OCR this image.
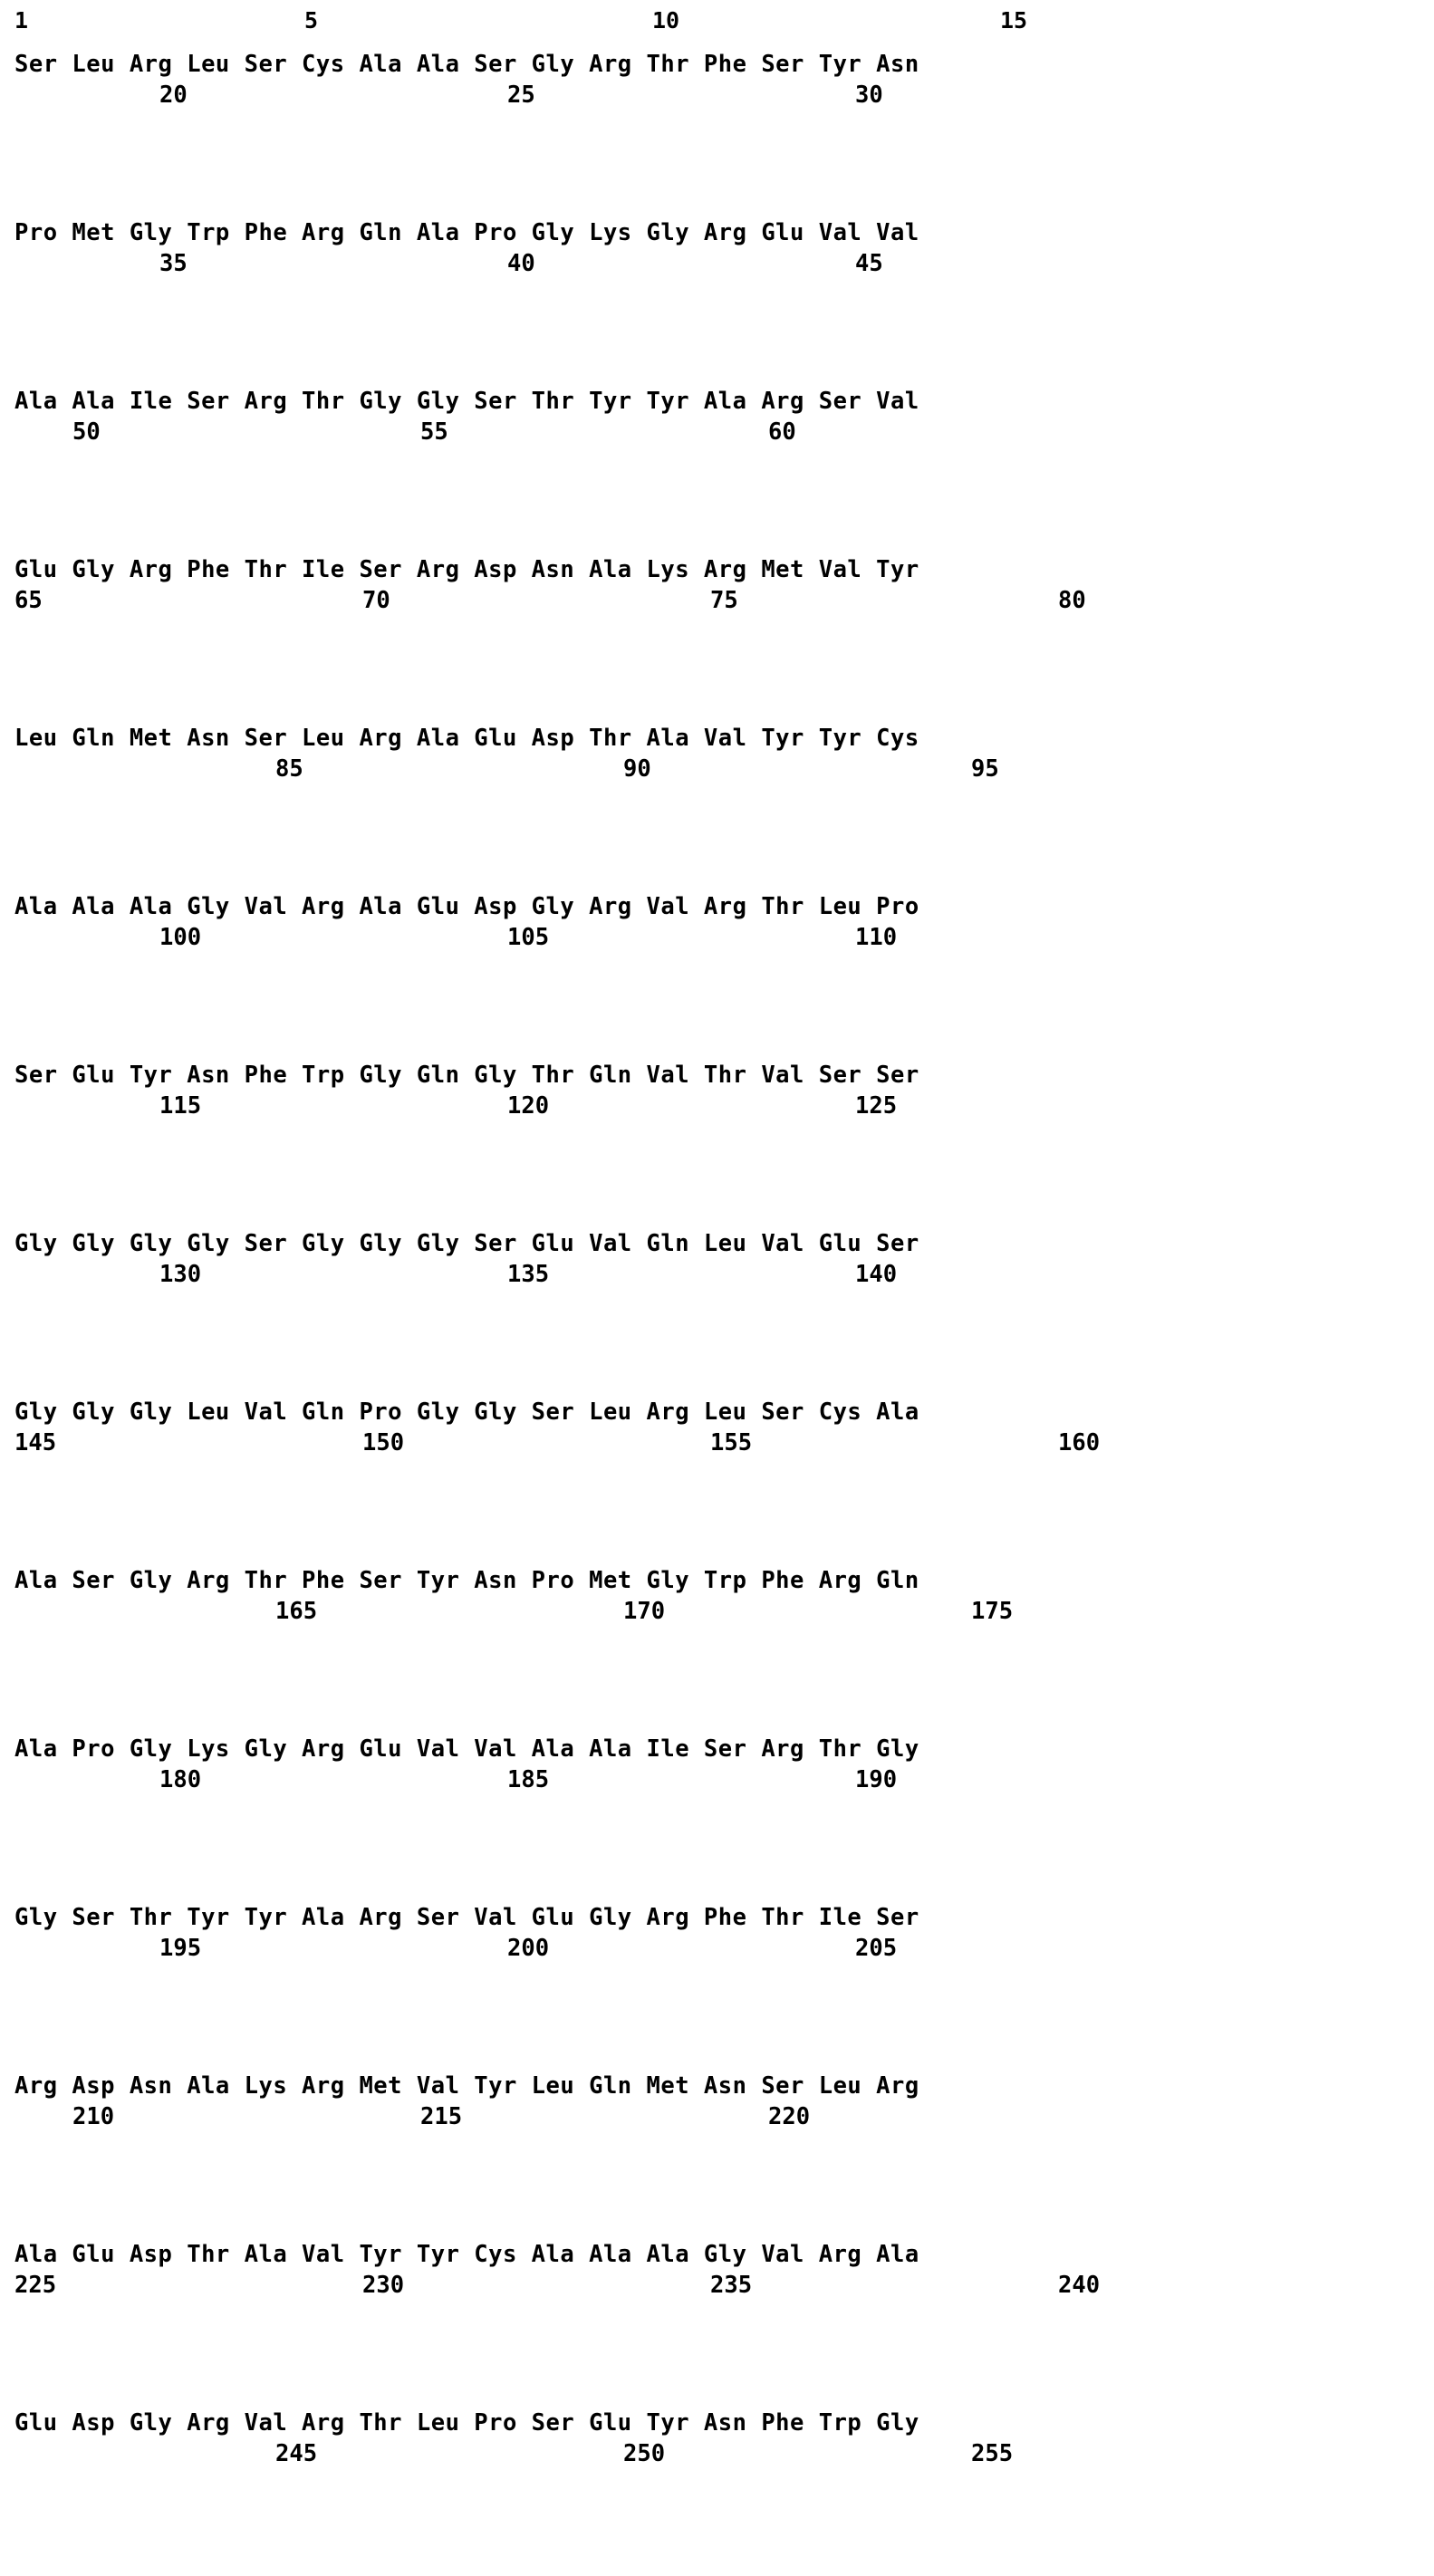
1	5	10	15
Ser Leu Arg Leu Ser Cys Ala Ala Ser Gly Arg Thr Phe Ser Tyr Asn
20	25	30
Pro Met Gly Trp Phe Arg Gln Ala Pro Gly Lys Gly Arg Glu Val Val
35	40	45
Ala Ala Ile Ser Arg Thr Gly Gly Ser Thr Tyr Tyr Ala Arg Ser Val
50	55	60
Glu Gly Arg Phe Thr Ile Ser Arg Asp Asn Ala Lys Arg Met Val Tyr
65	70	75	80
Leu Gln Met Asn Ser Leu Arg Ala Glu Asp Thr Ala Val Tyr Tyr Cys
85	90	95
Ala Ala Ala Gly Val Arg Ala Glu Asp Gly Arg Val Arg Thr Leu Pro
100	105	110
Ser Glu Tyr Asn Phe Trp Gly Gln Gly Thr Gln Val Thr Val Ser Ser
115	120	125
Gly Gly Gly Gly Ser Gly Gly Gly Ser Glu Val Gln Leu Val Glu Ser
130	135	140
Gly Gly Gly Leu Val Gln Pro Gly Gly Ser Leu Arg Leu Ser Cys Ala
145	150	155	160
Ala Ser Gly Arg Thr Phe Ser Tyr Asn Pro Met Gly Trp Phe Arg Gln
165	170	175
Ala Pro Gly Lys Gly Arg Glu Val Val Ala Ala Ile Ser Arg Thr Gly
180	185	190
Gly Ser Thr Tyr Tyr Ala Arg Ser Val Glu Gly Arg Phe Thr Ile Ser
195	200	205
Arg Asp Asn Ala Lys Arg Met Val Tyr Leu Gln Met Asn Ser Leu Arg
210	215	220
Ala Glu Asp Thr Ala Val Tyr Tyr Cys Ala Ala Ala Gly Val Arg Ala
225	230	235	240
Glu Asp Gly Arg Val Arg Thr Leu Pro Ser Glu Tyr Asn Phe Trp Gly
245	250	255
